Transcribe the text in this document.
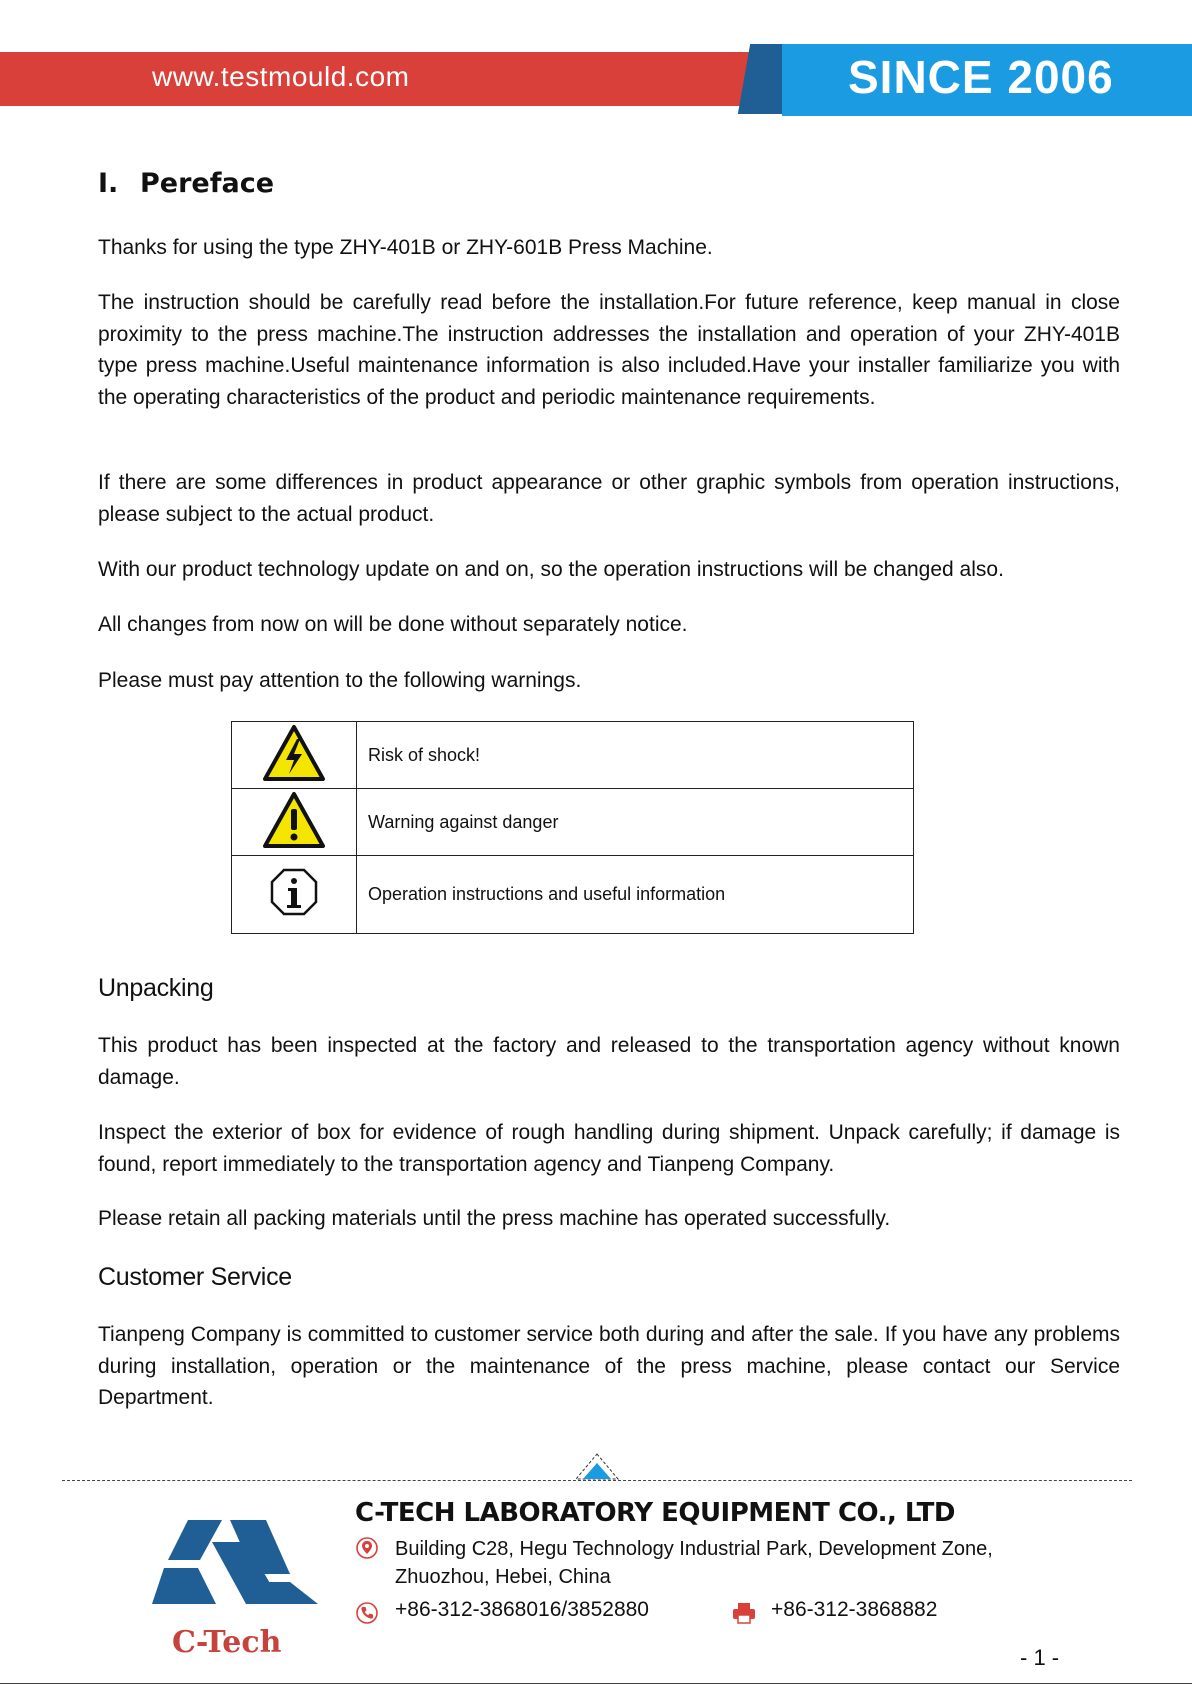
www.testmould.com	SINCE 2006
I. Pereface

Thanks for using the type ZHY-401B or ZHY-601B Press Machine.

The instruction should be carefully read before the installation.For future reference, keep manual in close proximity to the press machine.The instruction addresses the installation and operation of your ZHY-401B type press machine.Useful maintenance information is also included.Have your installer familiarize you with the operating characteristics of the product and periodic maintenance requirements.

If there are some differences in product appearance or other graphic symbols from operation instructions, please subject to the actual product.

With our product technology update on and on, so the operation instructions will be changed also.

All changes from now on will be done without separately notice.

Please must pay attention to the following warnings.

	Risk of shock!
	Warning against danger
	Operation instructions and useful information
Unpacking

This product has been inspected at the factory and released to the transportation agency without known damage.

Inspect the exterior of box for evidence of rough handling during shipment. Unpack carefully; if damage is found, report immediately to the transportation agency and Tianpeng Company.

Please retain all packing materials until the press machine has operated successfully.

Customer Service

Tianpeng Company is committed to customer service both during and after the sale. If you have any problems during installation, operation or the maintenance of the press machine, please contact our Service Department.

C-Tech
C-TECH LABORATORY EQUIPMENT CO., LTD
Building C28, Hegu Technology Industrial Park, Development Zone,
Zhuozhou, Hebei, China
+86-312-3868016/3852880	+86-312-3868882
- 1 -
